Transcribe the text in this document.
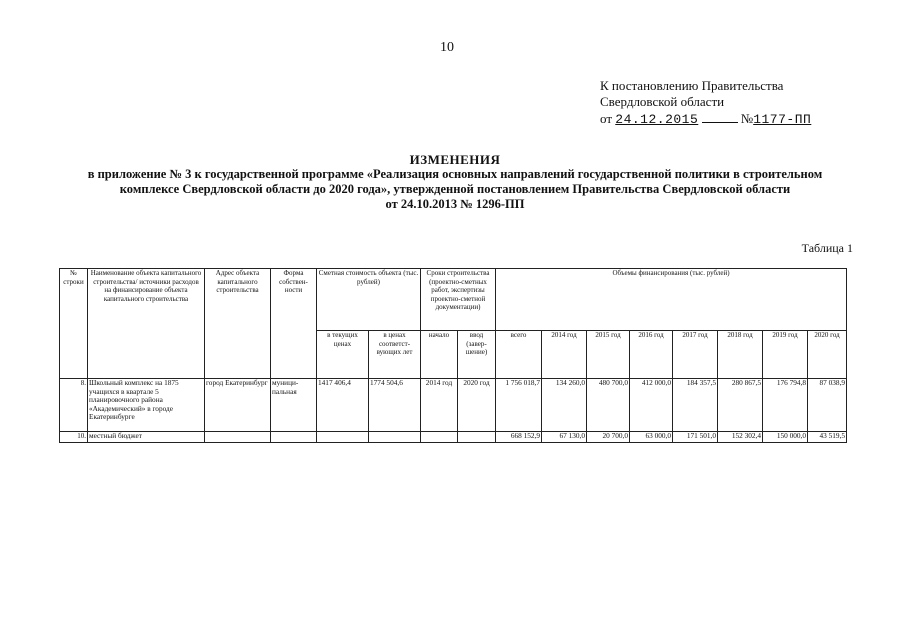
10
К постановлению Правительства
Свердловской области
от 24.12.2015	№1177-ПП
ИЗМЕНЕНИЯ
в приложение № 3 к государственной программе «Реализация основных направлений государственной политики в строительном
комплексе Свердловской области до 2020 года», утвержденной постановлением Правительства Свердловской области
от 24.10.2013 № 1296-ПП
Таблица 1
№ строки	Наименование объекта капитального строительства/ источники расходов на финансирование объекта капитального строительства	Адрес объекта капитального строительства	Форма собствен-ности	Сметная стоимость объекта (тыс. рублей)		Сроки строительства (проектно-сметных работ, экспертизы проектно-сметной документации)		Объемы финансирования (тыс. рублей)							
				в текущих ценах	в ценах соответст-вующих лет	начало	ввод (завер-шение)	всего	2014 год	2015 год	2016 год	2017 год	2018 год	2019 год	2020 год
8.	Школьный комплекс на 1875 учащихся в квартале 5 планировочного района «Академический» в городе Екатеринбурге	город Екатеринбург	муници-пальная	1417 406,4	1774 504,6	2014 год	2020 год	1 756 018,7	134 260,0	480 700,0	412 000,0	184 357,5	280 867,5	176 794,8	87 038,9
10.	местный бюджет							668 152,9	67 130,0	20 700,0	63 000,0	171 501,0	152 302,4	150 000,0	43 519,5
